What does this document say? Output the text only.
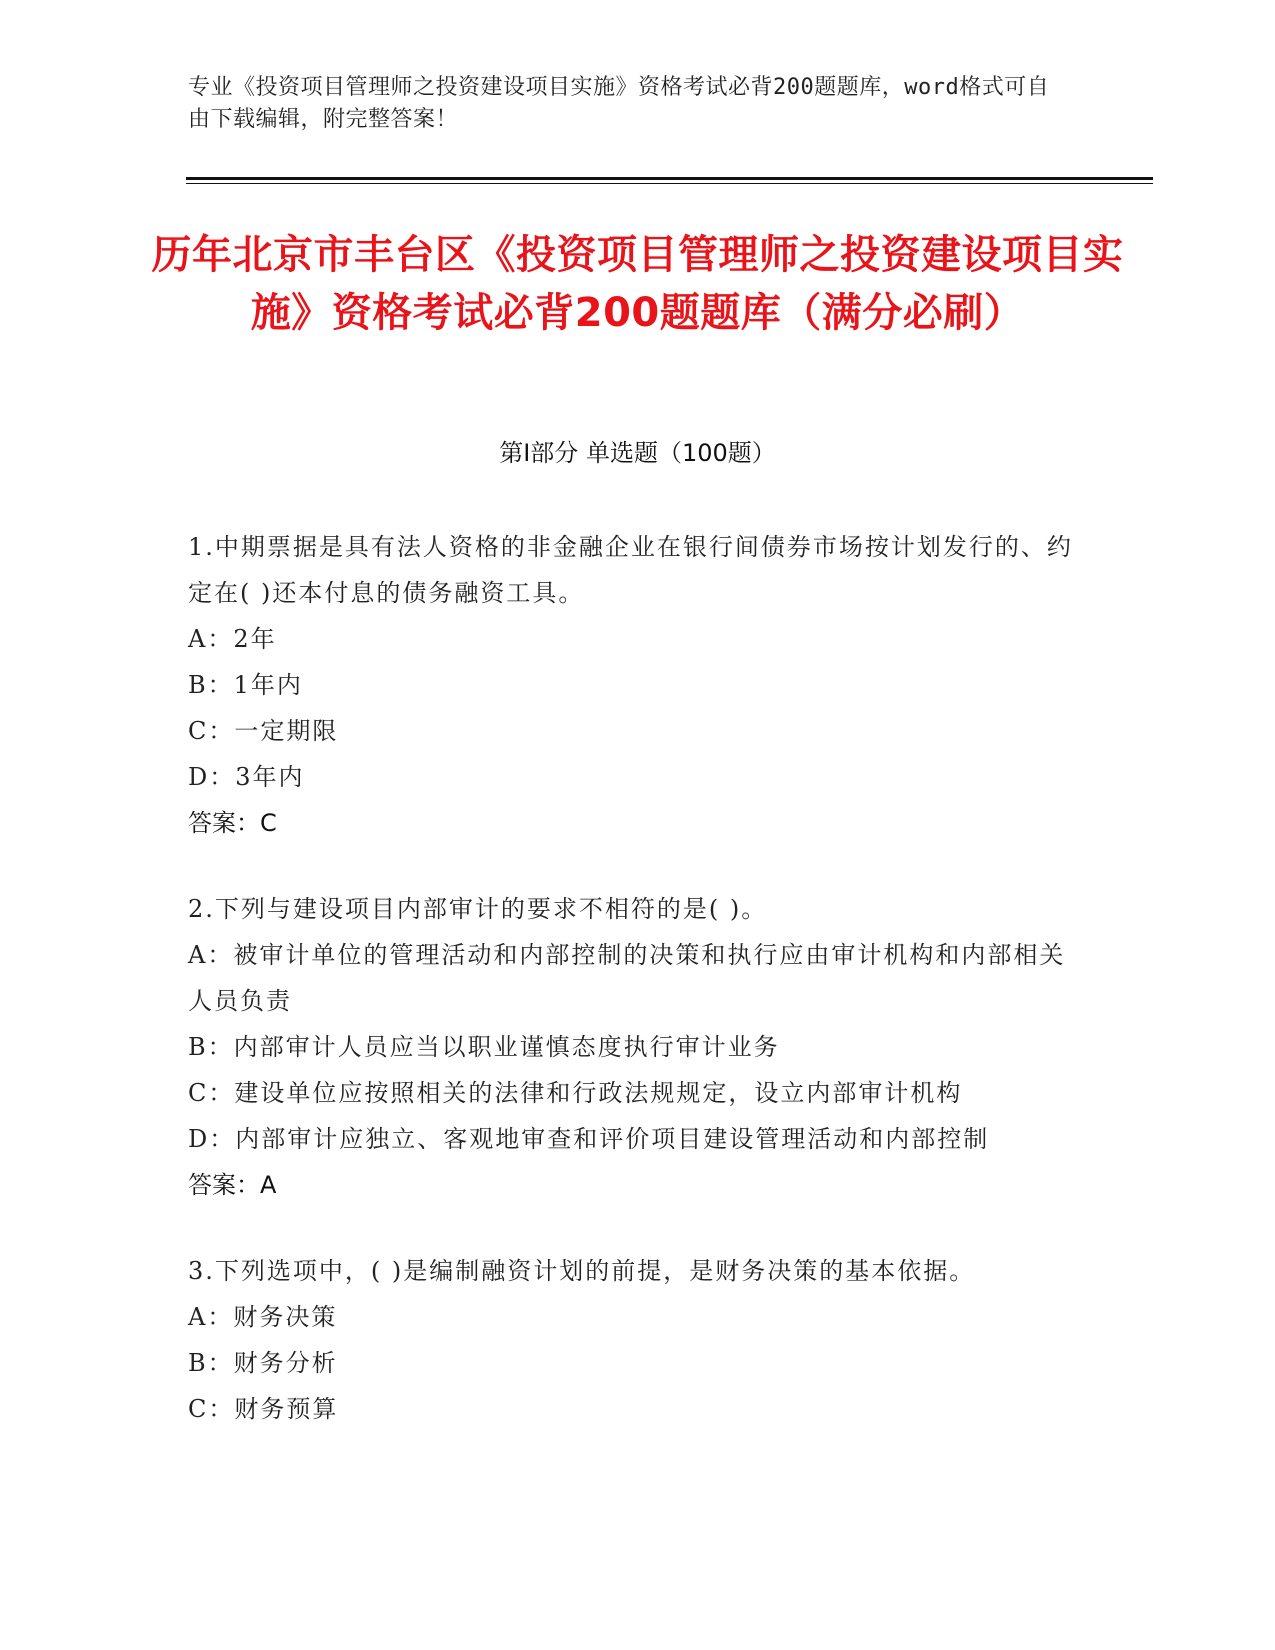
专业《投资项目管理师之投资建设项目实施》资格考试必背200题题库，word格式可自由下载编辑，附完整答案！
历年北京市丰台区《投资项目管理师之投资建设项目实施》资格考试必背200题题库（满分必刷）
第Ⅰ部分 单选题（100题）
1.中期票据是具有法人资格的非金融企业在银行间债券市场按计划发行的、约定在( )还本付息的债务融资工具。
A：2年
B：1年内
C：一定期限
D：3年内
答案：C
2.下列与建设项目内部审计的要求不相符的是( )。
A：被审计单位的管理活动和内部控制的决策和执行应由审计机构和内部相关人员负责
B：内部审计人员应当以职业谨慎态度执行审计业务
C：建设单位应按照相关的法律和行政法规规定，设立内部审计机构
D：内部审计应独立、客观地审查和评价项目建设管理活动和内部控制
答案：A
3.下列选项中，( )是编制融资计划的前提，是财务决策的基本依据。
A：财务决策
B：财务分析
C：财务预算
